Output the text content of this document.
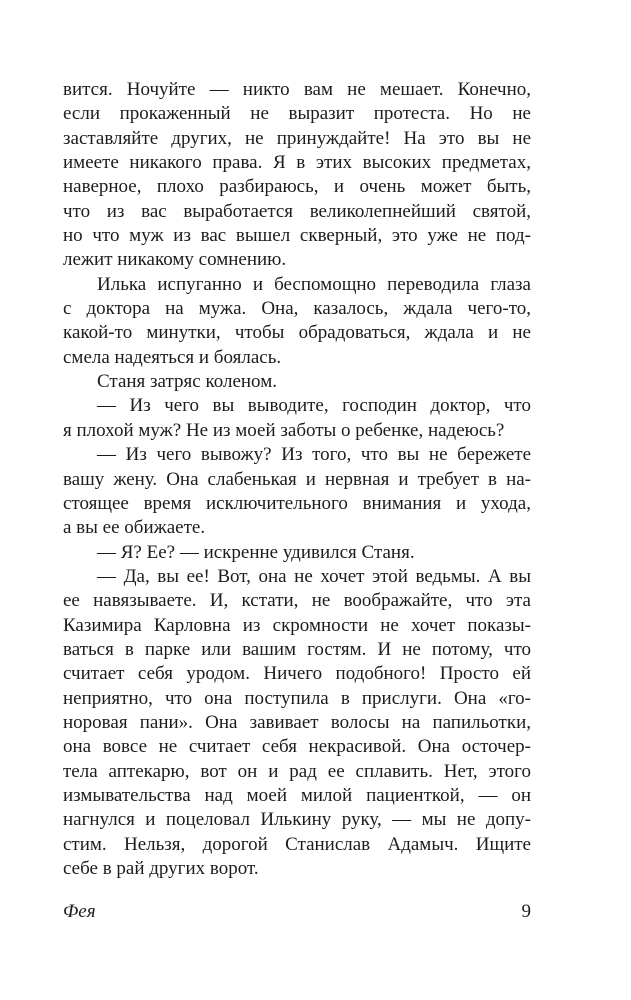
вится. Ночуйте — никто вам не мешает. Конечно,
если прокаженный не выразит протеста. Но не
заставляйте других, не принуждайте! На это вы не
имеете никакого права. Я в этих высоких предметах,
наверное, плохо разбираюсь, и очень может быть,
что из вас выработается великолепнейший святой,
но что муж из вас вышел скверный, это уже не под-
лежит никакому сомнению.
Илька испуганно и беспомощно переводила глаза
с доктора на мужа. Она, казалось, ждала чего-то,
какой-то минутки, чтобы обрадоваться, ждала и не
смела надеяться и боялась.
Станя затряс коленом.
— Из чего вы выводите, господин доктор, что
я плохой муж? Не из моей заботы о ребенке, надеюсь?
— Из чего вывожу? Из того, что вы не бережете
вашу жену. Она слабенькая и нервная и требует в на-
стоящее время исключительного внимания и ухода,
а вы ее обижаете.
— Я? Ее? — искренне удивился Станя.
— Да, вы ее! Вот, она не хочет этой ведьмы. А вы
ее навязываете. И, кстати, не воображайте, что эта
Казимира Карловна из скромности не хочет показы-
ваться в парке или вашим гостям. И не потому, что
считает себя уродом. Ничего подобного! Просто ей
неприятно, что она поступила в прислуги. Она «го-
норовая пани». Она завивает волосы на папильотки,
она вовсе не считает себя некрасивой. Она осточер-
тела аптекарю, вот он и рад ее сплавить. Нет, этого
измывательства над моей милой пациенткой, — он
нагнулся и поцеловал Илькину руку, — мы не допу-
стим. Нельзя, дорогой Станислав Адамыч. Ищите
себе в рай других ворот.
Фея	9
